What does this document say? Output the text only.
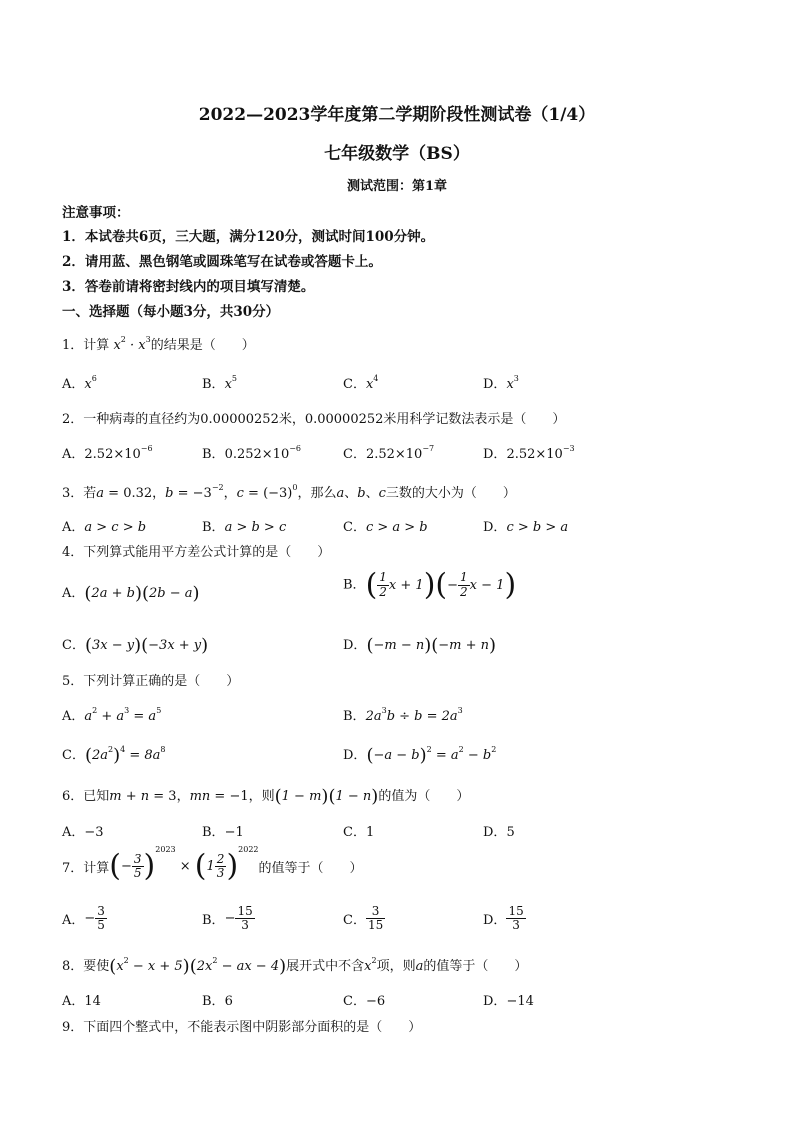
2022—2023学年度第二学期阶段性测试卷（1/4）
七年级数学（BS）
测试范围：第1章
注意事项：
1．本试卷共6页，三大题，满分120分，测试时间100分钟。
2．请用蓝、黑色钢笔或圆珠笔写在试卷或答题卡上。
3．答卷前请将密封线内的项目填写清楚。
一、选择题（每小题3分，共30分）
1．计算 $x^2 \cdot x^3$的结果是（　　）
A．$x^6$	B．$x^5$	C．$x^4$	D．$x^3$
2．一种病毒的直径约为0.00000252米，0.00000252米用科学记数法表示是（　　）
A．$2.52\times 10^{-6}$	B．$0.252\times 10^{-6}$	C．$2.52\times 10^{-7}$	D．$2.52\times 10^{-3}$
3．若a = 0.32，$b = -3^{-2}$，$c = (-3)^0$，那么a、b、c三数的大小为（　　）
A．a > c > b	B．a > b > c	C．c > a > b	D．c > b > a
4．下列算式能用平方差公式计算的是（　　）
A．(2a + b)(2b − a)	B．( $\frac{1}{2}$ $x + 1)(- \frac{1}{2}$ x − 1)
C．(3x − y)(−3x + y)	D．(−m − n)(−m + n)
5．下列计算正确的是（　　）
A．$a^2 + a^3 = a^5$	B．$2a^3b \div b = 2a^3$
C．$(2a^2)^4 = 8a^8$	D．$(-a - b)^2 = a^2 - b^2$
6．已知m + n = 3，mn = −1，则(1 − m)(1 − n)的值为（　　）
A．−3	B．−1	C．1	D．5
7．计算(− $\frac{3}{5} )^{2023} \times (1 \frac{2}{3} )^{2022}$的值等于（　　）
A．− $\frac{3}{5}$	B．− $\frac{15}{3}$	C． $\frac{3}{15}$	D． $\frac{15}{3}$
8．要使$(x^2 - x + 5)(2x^2$ − ax − 4)展开式中不含$x^2$项，则a的值等于（　　）
A．14	B．6	C．−6	D．−14
9．下面四个整式中，不能表示图中阴影部分面积的是（　　）
